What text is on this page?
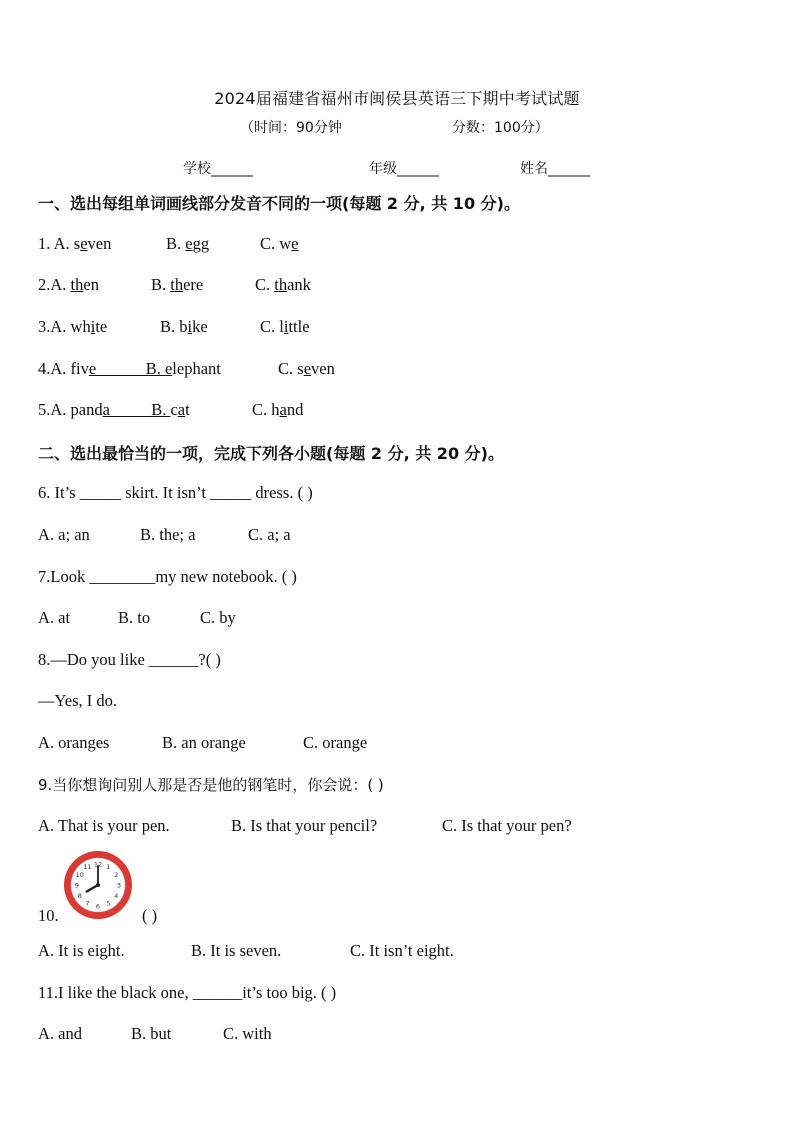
2024届福建省福州市闽侯县英语三下期中考试试题
（时间：90分钟	分数：100分）
学校______	年级______	姓名______
一、选出每组单词画线部分发音不同的一项(每题 2 分, 共 10 分)。
1. A. seven	B. egg	C. we
2.A. then	B. there	C. thank
3.A. white	B. bike	C. little
4.A. five______B. elephant	C. seven
5.A. panda_____B. cat	C. hand
二、选出最恰当的一项，完成下列各小题(每题 2 分, 共 20 分)。
6. It’s _____ skirt. It isn’t _____ dress. ( )
A. a; an	B. the; a	C. a; a
7.Look ________my new notebook. ( )
A. at	B. to	C. by
8.—Do you like ______?( )
—Yes, I do.
A. oranges	B. an orange	C. orange
9.当你想询问别人那是否是他的钢笔时，你会说：( )
A. That is your pen.	B. Is that your pencil?	C. Is that your pen?
12 1
2
3
4
5
6
7
8
9
10
11
10.	( )
A. It is eight.	B. It is seven.	C. It isn’t eight.
11.I like the black one, ______it’s too big. ( )
A. and	B. but	C. with
